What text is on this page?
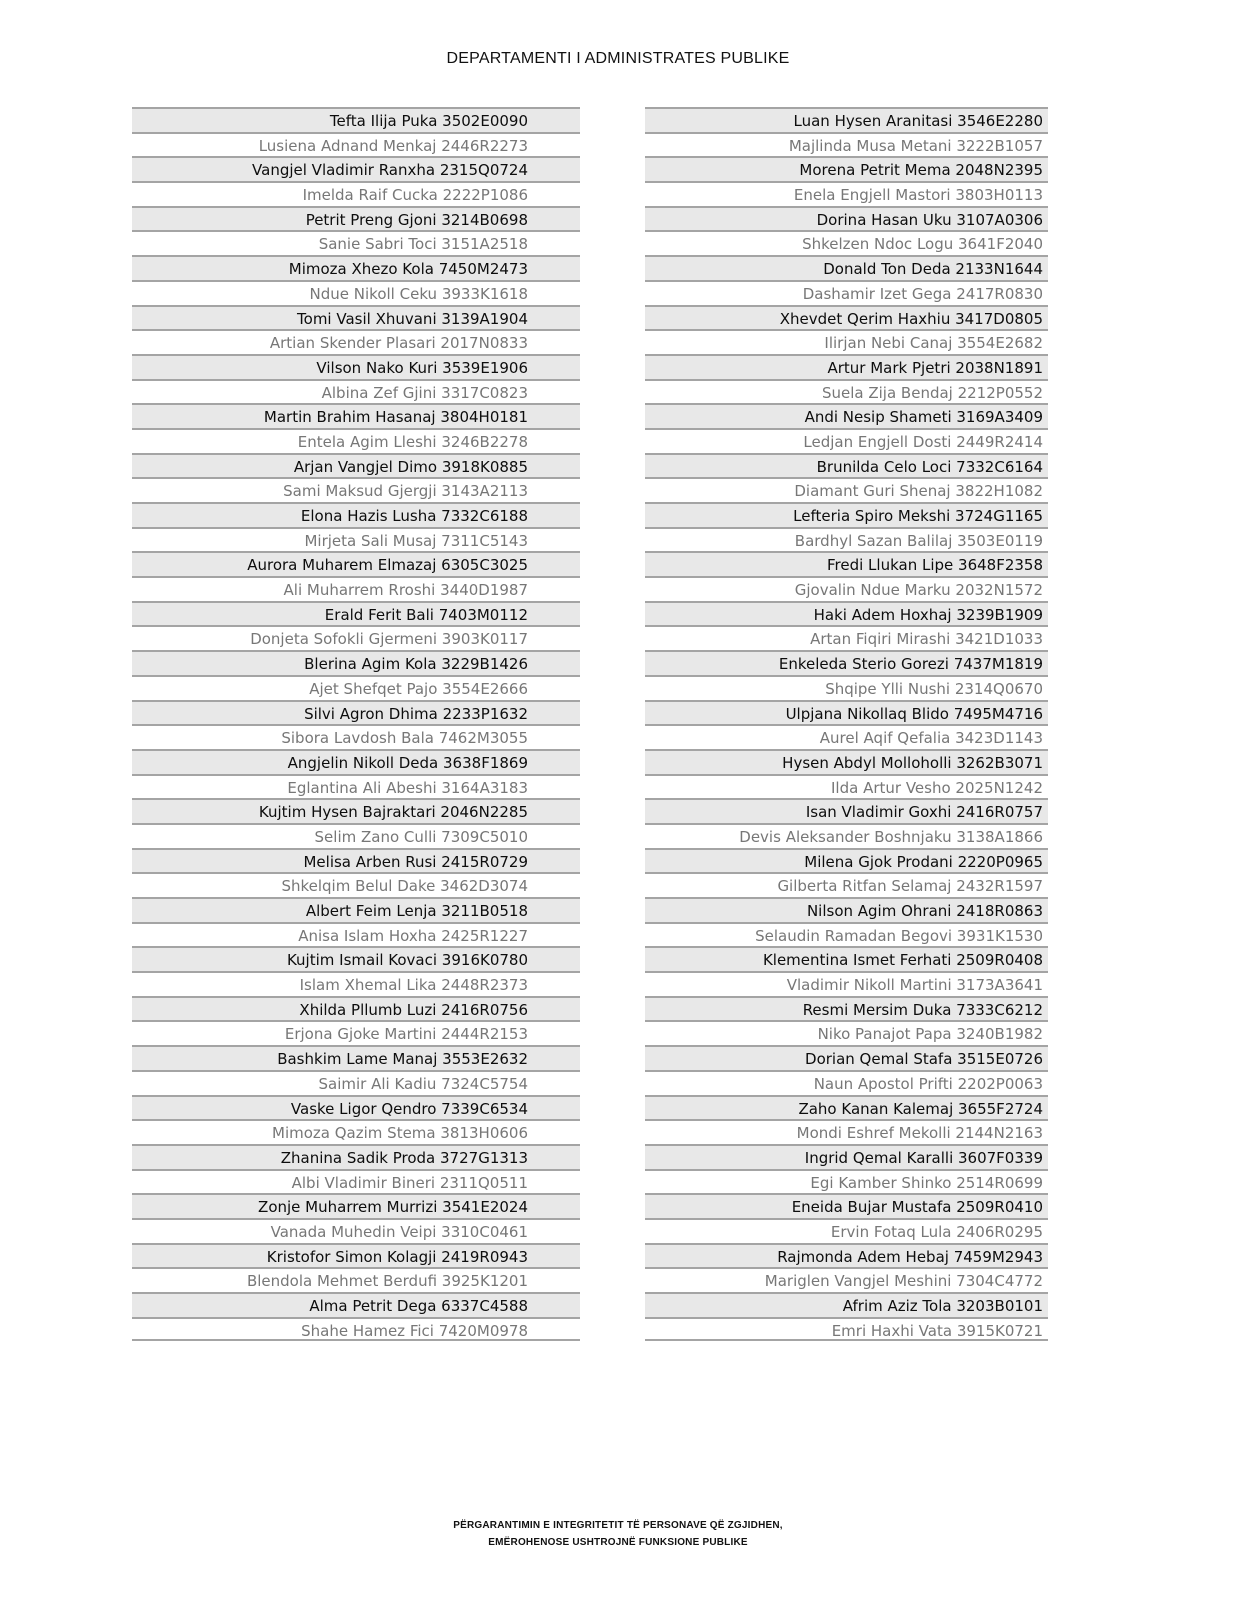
DEPARTAMENTI I ADMINISTRATES PUBLIKE
Tefta Ilija Puka 3502E0090
Lusiena Adnand Menkaj 2446R2273
Vangjel Vladimir Ranxha 2315Q0724
Imelda Raif Cucka 2222P1086
Petrit Preng Gjoni 3214B0698
Sanie Sabri Toci 3151A2518
Mimoza Xhezo Kola 7450M2473
Ndue Nikoll Ceku 3933K1618
Tomi Vasil Xhuvani 3139A1904
Artian Skender Plasari 2017N0833
Vilson Nako Kuri 3539E1906
Albina Zef Gjini 3317C0823
Martin Brahim Hasanaj 3804H0181
Entela Agim Lleshi 3246B2278
Arjan Vangjel Dimo 3918K0885
Sami Maksud Gjergji 3143A2113
Elona Hazis Lusha 7332C6188
Mirjeta Sali Musaj 7311C5143
Aurora Muharem Elmazaj 6305C3025
Ali Muharrem Rroshi 3440D1987
Erald Ferit Bali 7403M0112
Donjeta Sofokli Gjermeni 3903K0117
Blerina Agim Kola 3229B1426
Ajet Shefqet Pajo 3554E2666
Silvi Agron Dhima 2233P1632
Sibora Lavdosh Bala 7462M3055
Angjelin Nikoll Deda 3638F1869
Eglantina Ali Abeshi 3164A3183
Kujtim Hysen Bajraktari 2046N2285
Selim Zano Culli 7309C5010
Melisa Arben Rusi 2415R0729
Shkelqim Belul Dake 3462D3074
Albert Feim Lenja 3211B0518
Anisa Islam Hoxha 2425R1227
Kujtim Ismail Kovaci 3916K0780
Islam Xhemal Lika 2448R2373
Xhilda Pllumb Luzi 2416R0756
Erjona Gjoke Martini 2444R2153
Bashkim Lame Manaj 3553E2632
Saimir Ali Kadiu 7324C5754
Vaske Ligor Qendro 7339C6534
Mimoza Qazim Stema 3813H0606
Zhanina Sadik Proda 3727G1313
Albi Vladimir Bineri 2311Q0511
Zonje Muharrem Murrizi 3541E2024
Vanada Muhedin Veipi 3310C0461
Kristofor Simon Kolagji 2419R0943
Blendola Mehmet Berdufi 3925K1201
Alma Petrit Dega 6337C4588
Shahe Hamez Fici 7420M0978
Luan Hysen Aranitasi 3546E2280
Majlinda Musa Metani 3222B1057
Morena Petrit Mema 2048N2395
Enela Engjell Mastori 3803H0113
Dorina Hasan Uku 3107A0306
Shkelzen Ndoc Logu 3641F2040
Donald Ton Deda 2133N1644
Dashamir Izet Gega 2417R0830
Xhevdet Qerim Haxhiu 3417D0805
Ilirjan Nebi Canaj 3554E2682
Artur Mark Pjetri 2038N1891
Suela Zija Bendaj 2212P0552
Andi Nesip Shameti 3169A3409
Ledjan Engjell Dosti 2449R2414
Brunilda Celo Loci 7332C6164
Diamant Guri Shenaj 3822H1082
Lefteria Spiro Mekshi 3724G1165
Bardhyl Sazan Balilaj 3503E0119
Fredi Llukan Lipe 3648F2358
Gjovalin Ndue Marku 2032N1572
Haki Adem Hoxhaj 3239B1909
Artan Fiqiri Mirashi 3421D1033
Enkeleda Sterio Gorezi 7437M1819
Shqipe Ylli Nushi 2314Q0670
Ulpjana Nikollaq Blido 7495M4716
Aurel Aqif Qefalia 3423D1143
Hysen Abdyl Molloholli 3262B3071
Ilda Artur Vesho 2025N1242
Isan Vladimir Goxhi 2416R0757
Devis Aleksander Boshnjaku 3138A1866
Milena Gjok Prodani 2220P0965
Gilberta Ritfan Selamaj 2432R1597
Nilson Agim Ohrani 2418R0863
Selaudin Ramadan Begovi 3931K1530
Klementina Ismet Ferhati 2509R0408
Vladimir Nikoll Martini 3173A3641
Resmi Mersim Duka 7333C6212
Niko Panajot Papa 3240B1982
Dorian Qemal Stafa 3515E0726
Naun Apostol Prifti 2202P0063
Zaho Kanan Kalemaj 3655F2724
Mondi Eshref Mekolli 2144N2163
Ingrid Qemal Karalli 3607F0339
Egi Kamber Shinko 2514R0699
Eneida Bujar Mustafa 2509R0410
Ervin Fotaq Lula 2406R0295
Rajmonda Adem Hebaj 7459M2943
Mariglen Vangjel Meshini 7304C4772
Afrim Aziz Tola 3203B0101
Emri Haxhi Vata 3915K0721
PËRGARANTIMIN E INTEGRITETIT TË PERSONAVE QË ZGJIDHEN,
EMËROHENOSE USHTROJNË FUNKSIONE PUBLIKE
